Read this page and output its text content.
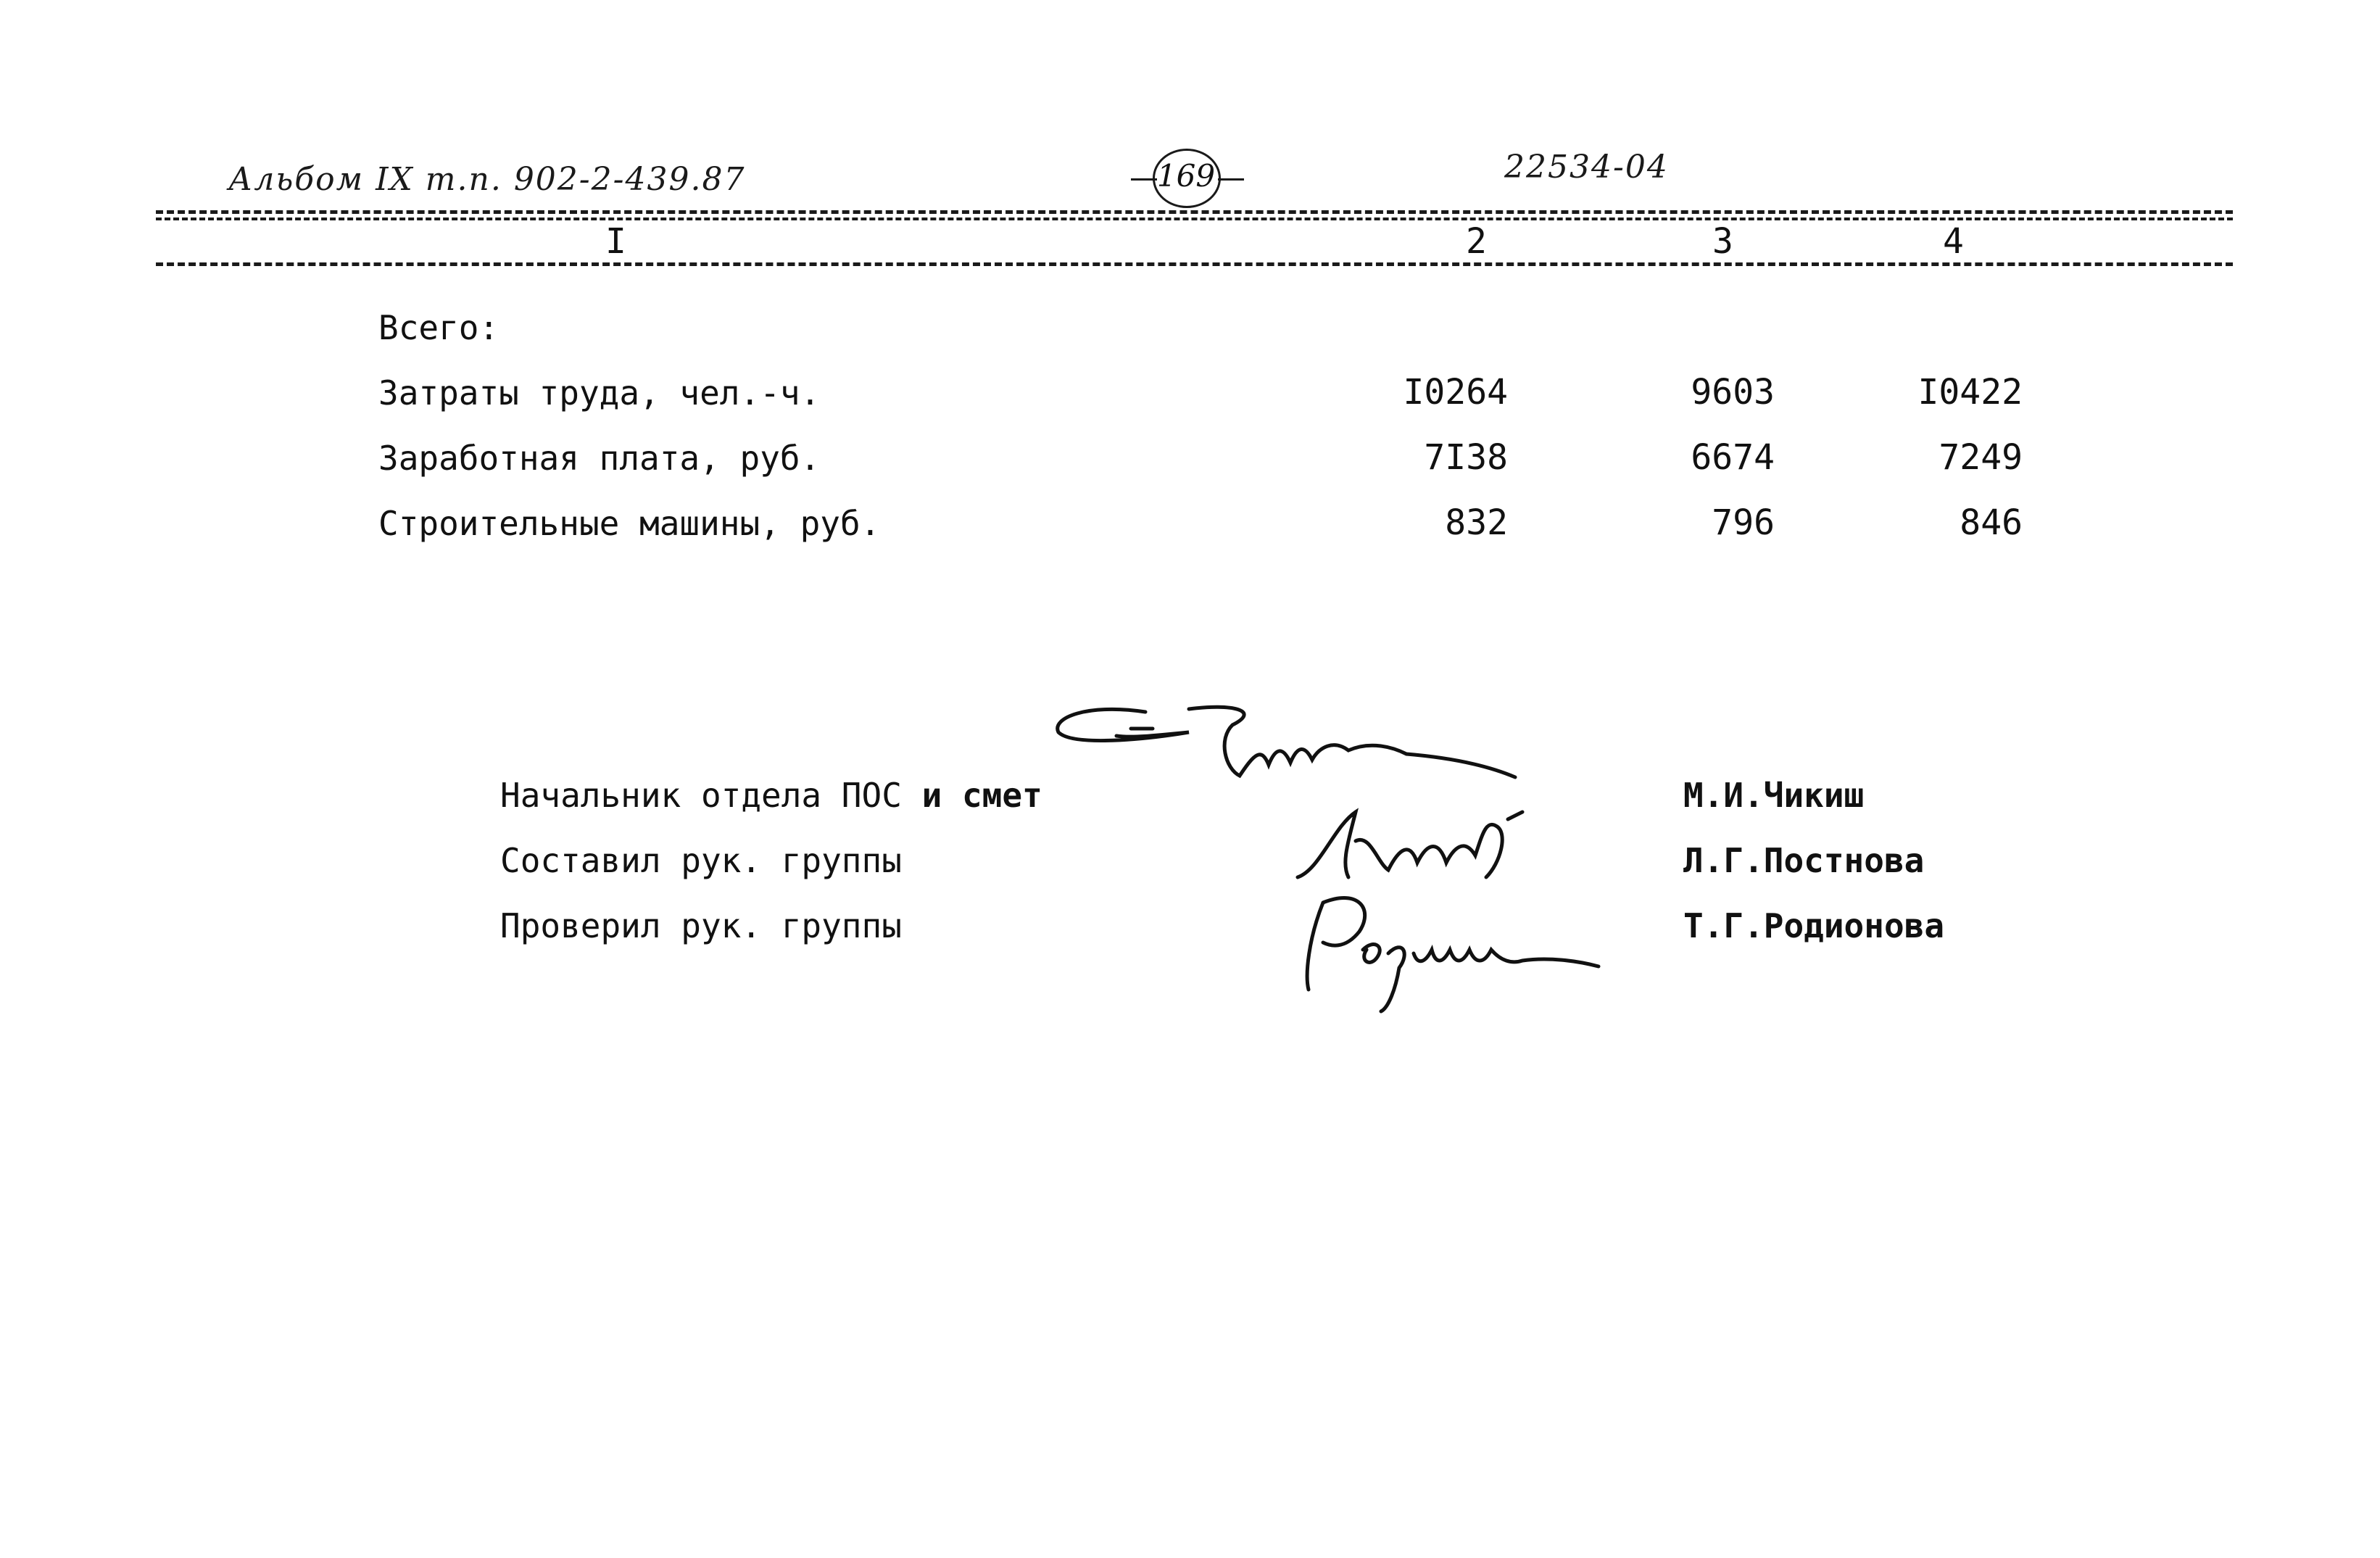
Альбом IX т.п. 902-2-439.87	169	22534-04
I	2	3	4
Всего:
Затраты труда, чел.-ч.	I0264	9603	I0422
Заработная плата, руб.	7I38	6674	7249
Строительные машины, руб.	832	796	846
Начальник отдела ПОС и смет	М.И.Чикиш
Составил рук. группы	Л.Г.Постнова
Проверил рук. группы	Т.Г.Родионова
